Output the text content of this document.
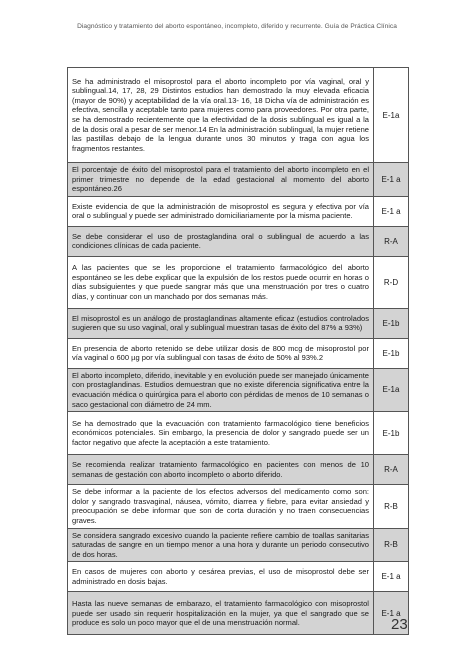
Diagnóstico y tratamiento del aborto espontáneo, incompleto, diferido y recurrente. Guía de Práctica Clínica
Se ha administrado el misoprostol para el aborto incompleto por vía vaginal, oral y sublingual.14, 17, 28, 29 Distintos estudios han demostrado la muy elevada eficacia (mayor de 90%) y aceptabilidad de la vía oral.13- 16, 18 Dicha vía de administración es efectiva, sencilla y aceptable tanto para mujeres como para proveedores. Por otra parte, se ha demostrado recientemente que la efectividad de la dosis sublingual es igual a la de la dosis oral a pesar de ser menor.14 En la administración sublingual, la mujer retiene las pastillas debajo de la lengua durante unos 30 minutos y traga con agua los fragmentos restantes.	E-1a
El porcentaje de éxito del misoprostol para el tratamiento del aborto incompleto en el primer trimestre no depende de la edad gestacional al momento del aborto espontáneo.26	E-1 a
Existe evidencia de que la administración de misoprostol es segura y efectiva por vía oral o sublingual y puede ser administrado domiciliariamente por la misma paciente.	E-1 a
Se debe considerar el uso de prostaglandina oral o sublingual de acuerdo a las condiciones clínicas de cada paciente.	R-A
A las pacientes que se les proporcione el tratamiento farmacológico del aborto espontáneo se les debe explicar que la expulsión de los restos puede ocurrir en horas o días subsiguientes y que puede sangrar más que una menstruación por tres o cuatro días, y continuar con un manchado por dos semanas más.	R-D
El misoprostol es un análogo de prostaglandinas altamente eficaz (estudios controlados sugieren que su uso vaginal, oral y sublingual muestran tasas de éxito del 87% a 93%)	E-1b
En presencia de aborto retenido se debe utilizar dosis de 800 mcg de misoprostol por vía vaginal o 600 µg por vía sublingual con tasas de éxito de 50% al 93%.2	E-1b
El aborto incompleto, diferido, inevitable y en evolución puede ser manejado únicamente con prostaglandinas. Estudios demuestran que no existe diferencia significativa entre la evacuación médica o quirúrgica para el aborto con pérdidas de menos de 10 semanas o saco gestacional con diámetro de 24 mm.	E-1a
Se ha demostrado que la evacuación con tratamiento farmacológico tiene beneficios económicos potenciales. Sin embargo, la presencia de dolor y sangrado puede ser un factor negativo que afecte la aceptación a este tratamiento.	E-1b
Se recomienda realizar tratamiento farmacológico en pacientes con menos de 10 semanas de gestación con aborto incompleto o aborto diferido.	R-A
Se debe informar a la paciente de los efectos adversos del medicamento como son: dolor y sangrado trasvaginal, náusea, vómito, diarrea y fiebre, para evitar ansiedad y preocupación se debe informar que son de corta duración y no traen consecuencias graves.	R-B
Se considera sangrado excesivo cuando la paciente refiere cambio de toallas sanitarias saturadas de sangre en un tiempo menor a una hora y durante un periodo consecutivo de dos horas.	R-B
En casos de mujeres con aborto y cesárea previas, el uso de misoprostol debe ser administrado en dosis bajas.	E-1 a
Hasta las nueve semanas de embarazo, el tratamiento farmacológico con misoprostol puede ser usado sin requerir hospitalización en la mujer, ya que el sangrado que se produce es solo un poco mayor que el de una menstruación normal.	E-1 a
23
